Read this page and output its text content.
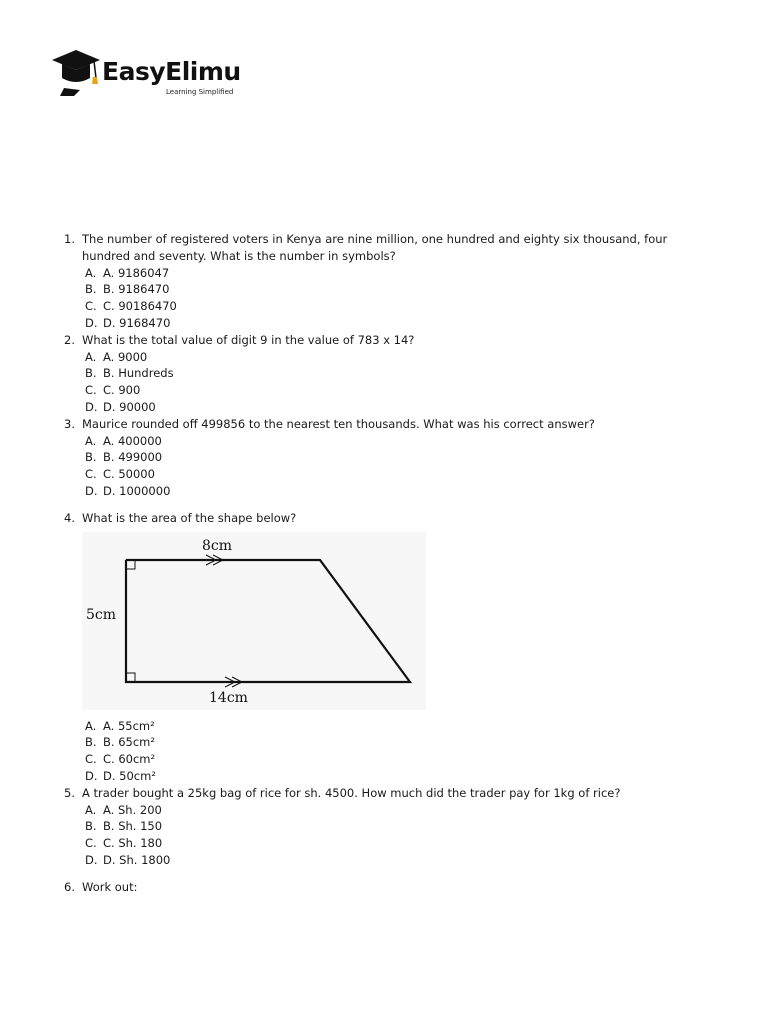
EasyElimu
Learning Simplified
1. The number of registered voters in Kenya are nine million, one hundred and eighty six thousand, four hundred and seventy. What is the number in symbols?
A. A. 9186047
B. B. 9186470
C. C. 90186470
D. D. 9168470
2. What is the total value of digit 9 in the value of 783 x 14?
A. A. 9000
B. B. Hundreds
C. C. 900
D. D. 90000
3. Maurice rounded off 499856 to the nearest ten thousands. What was his correct answer?
A. A. 400000
B. B. 499000
C. C. 50000
D. D. 1000000
4. What is the area of the shape below?
8cm
5cm
14cm
A. A. 55cm²
B. B. 65cm²
C. C. 60cm²
D. D. 50cm²
5. A trader bought a 25kg bag of rice for sh. 4500. How much did the trader pay for 1kg of rice?
A. A. Sh. 200
B. B. Sh. 150
C. C. Sh. 180
D. D. Sh. 1800
6. Work out:
